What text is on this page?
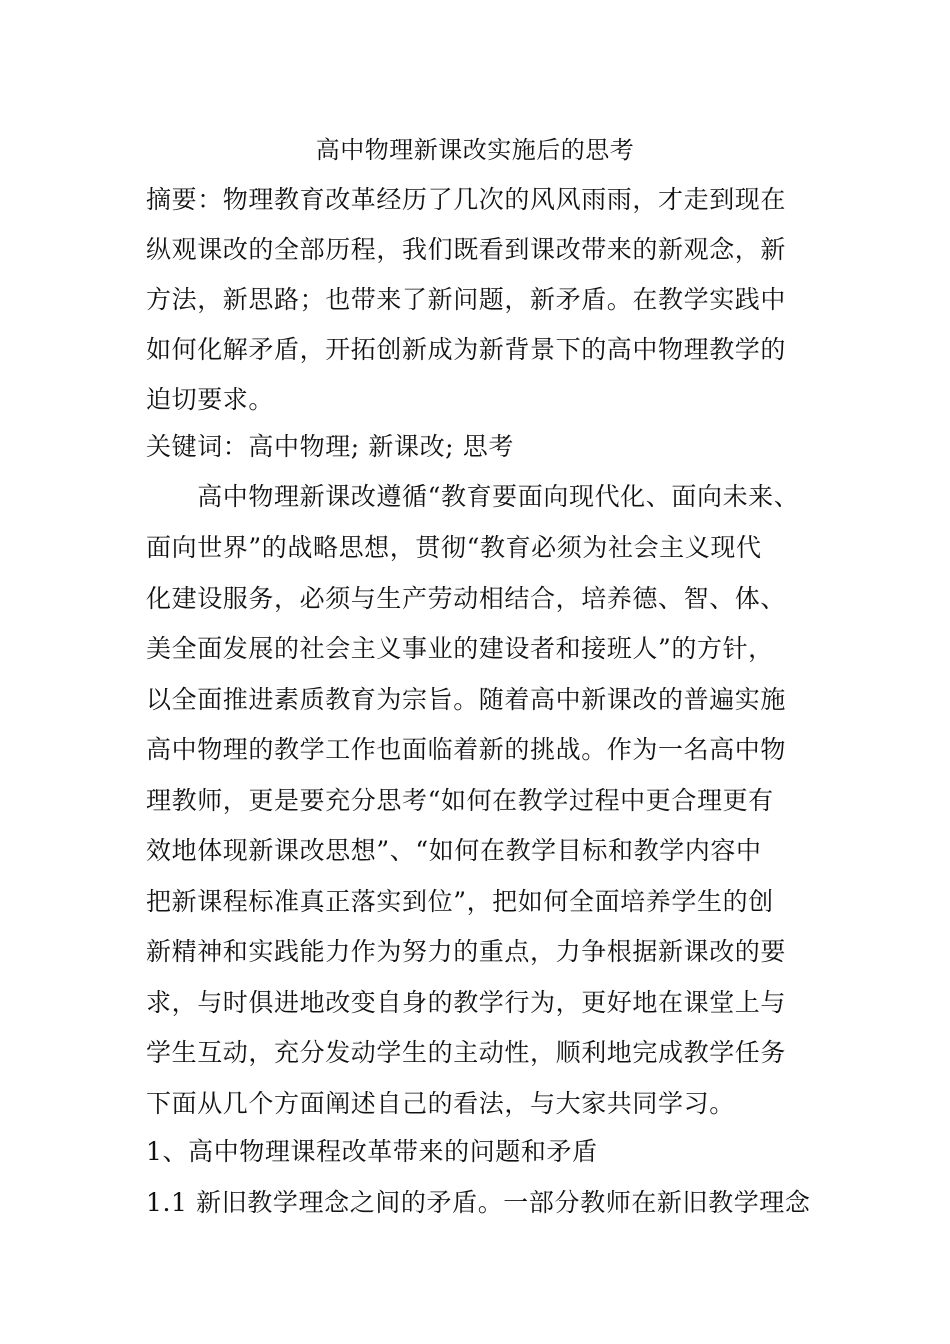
高中物理新课改实施后的思考
摘要：物理教育改革经历了几次的风风雨雨，才走到现在
纵观课改的全部历程，我们既看到课改带来的新观念，新
方法，新思路；也带来了新问题，新矛盾。在教学实践中
如何化解矛盾，开拓创新成为新背景下的高中物理教学的
迫切要求。
关键词：高中物理; 新课改; 思考
　　高中物理新课改遵循“教育要面向现代化、面向未来、
面向世界”的战略思想，贯彻“教育必须为社会主义现代
化建设服务，必须与生产劳动相结合，培养德、智、体、
美全面发展的社会主义事业的建设者和接班人”的方针，
以全面推进素质教育为宗旨。随着高中新课改的普遍实施
高中物理的教学工作也面临着新的挑战。作为一名高中物
理教师，更是要充分思考“如何在教学过程中更合理更有
效地体现新课改思想”、“如何在教学目标和教学内容中
把新课程标准真正落实到位”，把如何全面培养学生的创
新精神和实践能力作为努力的重点，力争根据新课改的要
求，与时俱进地改变自身的教学行为，更好地在课堂上与
学生互动，充分发动学生的主动性，顺利地完成教学任务
下面从几个方面阐述自己的看法，与大家共同学习。
1、高中物理课程改革带来的问题和矛盾
1.1 新旧教学理念之间的矛盾。一部分教师在新旧教学理念
